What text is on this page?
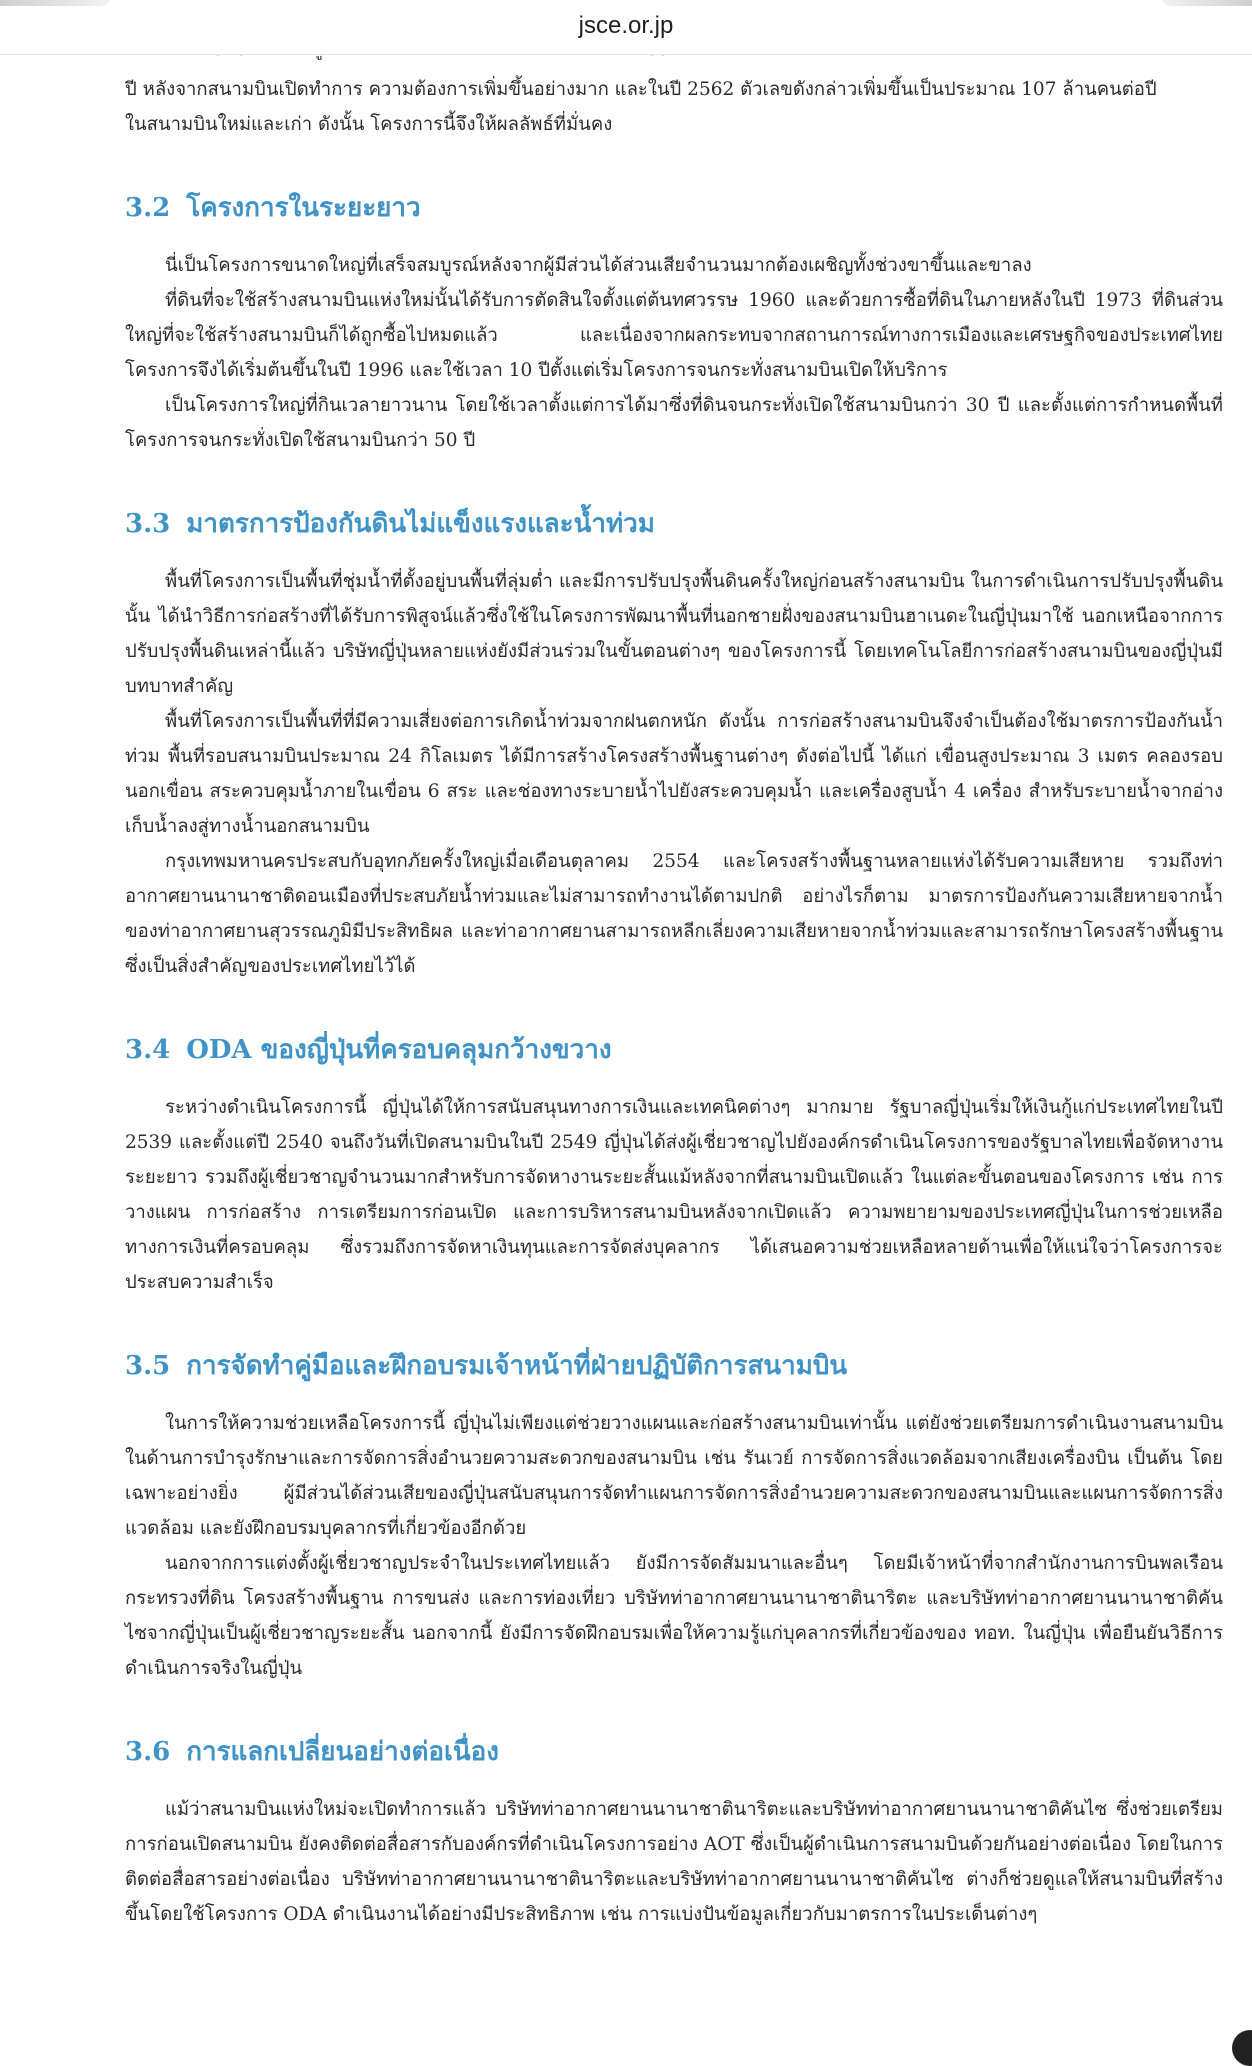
jsce.or.jp

ปี หลังจากสนามบินเปิดทำการ ความต้องการเพิ่มขึ้นอย่างมาก และในปี 2562 ตัวเลขดังกล่าวเพิ่มขึ้นเป็นประมาณ 107 ล้านคนต่อปี

ในสนามบินใหม่และเก่า ดังนั้น โครงการนี้จึงให้ผลลัพธ์ที่มั่นคง

3.2 โครงการในระยะยาว

นี่เป็นโครงการขนาดใหญ่ที่เสร็จสมบูรณ์หลังจากผู้มีส่วนได้ส่วนเสียจำนวนมากต้องเผชิญทั้งช่วงขาขึ้นและขาลง

ที่ดินที่จะใช้สร้างสนามบินแห่งใหม่นั้นได้รับการตัดสินใจตั้งแต่ต้นทศวรรษ 1960 และด้วยการซื้อที่ดินในภายหลังในปี 1973 ที่ดินส่วนใหญ่ที่จะใช้สร้างสนามบินก็ได้ถูกซื้อไปหมดแล้ว และเนื่องจากผลกระทบจากสถานการณ์ทางการเมืองและเศรษฐกิจของประเทศไทย โครงการจึงได้เริ่มต้นขึ้นในปี 1996 และใช้เวลา 10 ปีตั้งแต่เริ่มโครงการจนกระทั่งสนามบินเปิดให้บริการ

เป็นโครงการใหญ่ที่กินเวลายาวนาน โดยใช้เวลาตั้งแต่การได้มาซึ่งที่ดินจนกระทั่งเปิดใช้สนามบินกว่า 30 ปี และตั้งแต่การกำหนดพื้นที่โครงการจนกระทั่งเปิดใช้สนามบินกว่า 50 ปี

3.3 มาตรการป้องกันดินไม่แข็งแรงและน้ำท่วม

พื้นที่โครงการเป็นพื้นที่ชุ่มน้ำที่ตั้งอยู่บนพื้นที่ลุ่มต่ำ และมีการปรับปรุงพื้นดินครั้งใหญ่ก่อนสร้างสนามบิน ในการดำเนินการปรับปรุงพื้นดินนั้น ได้นำวิธีการก่อสร้างที่ได้รับการพิสูจน์แล้วซึ่งใช้ในโครงการพัฒนาพื้นที่นอกชายฝั่งของสนามบินฮาเนดะในญี่ปุ่นมาใช้ นอกเหนือจากการปรับปรุงพื้นดินเหล่านี้แล้ว บริษัทญี่ปุ่นหลายแห่งยังมีส่วนร่วมในขั้นตอนต่างๆ ของโครงการนี้ โดยเทคโนโลยีการก่อสร้างสนามบินของญี่ปุ่นมีบทบาทสำคัญ

พื้นที่โครงการเป็นพื้นที่ที่มีความเสี่ยงต่อการเกิดน้ำท่วมจากฝนตกหนัก ดังนั้น การก่อสร้างสนามบินจึงจำเป็นต้องใช้มาตรการป้องกันน้ำท่วม พื้นที่รอบสนามบินประมาณ 24 กิโลเมตร ได้มีการสร้างโครงสร้างพื้นฐานต่างๆ ดังต่อไปนี้ ได้แก่ เขื่อนสูงประมาณ 3 เมตร คลองรอบนอกเขื่อน สระควบคุมน้ำภายในเขื่อน 6 สระ และช่องทางระบายน้ำไปยังสระควบคุมน้ำ และเครื่องสูบน้ำ 4 เครื่อง สำหรับระบายน้ำจากอ่างเก็บน้ำลงสู่ทางน้ำนอกสนามบิน

กรุงเทพมหานครประสบกับอุทกภัยครั้งใหญ่เมื่อเดือนตุลาคม 2554 และโครงสร้างพื้นฐานหลายแห่งได้รับความเสียหาย รวมถึงท่าอากาศยานนานาชาติดอนเมืองที่ประสบภัยน้ำท่วมและไม่สามารถทำงานได้ตามปกติ อย่างไรก็ตาม มาตรการป้องกันความเสียหายจากน้ำของท่าอากาศยานสุวรรณภูมิมีประสิทธิผล และท่าอากาศยานสามารถหลีกเลี่ยงความเสียหายจากน้ำท่วมและสามารถรักษาโครงสร้างพื้นฐานซึ่งเป็นสิ่งสำคัญของประเทศไทยไว้ได้

3.4 ODA ของญี่ปุ่นที่ครอบคลุมกว้างขวาง

ระหว่างดำเนินโครงการนี้ ญี่ปุ่นได้ให้การสนับสนุนทางการเงินและเทคนิคต่างๆ มากมาย รัฐบาลญี่ปุ่นเริ่มให้เงินกู้แก่ประเทศไทยในปี 2539 และตั้งแต่ปี 2540 จนถึงวันที่เปิดสนามบินในปี 2549 ญี่ปุ่นได้ส่งผู้เชี่ยวชาญไปยังองค์กรดำเนินโครงการของรัฐบาลไทยเพื่อจัดหางานระยะยาว รวมถึงผู้เชี่ยวชาญจำนวนมากสำหรับการจัดหางานระยะสั้นแม้หลังจากที่สนามบินเปิดแล้ว ในแต่ละขั้นตอนของโครงการ เช่น การวางแผน การก่อสร้าง การเตรียมการก่อนเปิด และการบริหารสนามบินหลังจากเปิดแล้ว ความพยายามของประเทศญี่ปุ่นในการช่วยเหลือทางการเงินที่ครอบคลุม ซึ่งรวมถึงการจัดหาเงินทุนและการจัดส่งบุคลากร ได้เสนอความช่วยเหลือหลายด้านเพื่อให้แน่ใจว่าโครงการจะประสบความสำเร็จ

3.5 การจัดทำคู่มือและฝึกอบรมเจ้าหน้าที่ฝ่ายปฏิบัติการสนามบิน

ในการให้ความช่วยเหลือโครงการนี้ ญี่ปุ่นไม่เพียงแต่ช่วยวางแผนและก่อสร้างสนามบินเท่านั้น แต่ยังช่วยเตรียมการดำเนินงานสนามบินในด้านการบำรุงรักษาและการจัดการสิ่งอำนวยความสะดวกของสนามบิน เช่น รันเวย์ การจัดการสิ่งแวดล้อมจากเสียงเครื่องบิน เป็นต้น โดยเฉพาะอย่างยิ่ง ผู้มีส่วนได้ส่วนเสียของญี่ปุ่นสนับสนุนการจัดทำแผนการจัดการสิ่งอำนวยความสะดวกของสนามบินและแผนการจัดการสิ่งแวดล้อม และยังฝึกอบรมบุคลากรที่เกี่ยวข้องอีกด้วย

นอกจากการแต่งตั้งผู้เชี่ยวชาญประจำในประเทศไทยแล้ว ยังมีการจัดสัมมนาและอื่นๆ โดยมีเจ้าหน้าที่จากสำนักงานการบินพลเรือน กระทรวงที่ดิน โครงสร้างพื้นฐาน การขนส่ง และการท่องเที่ยว บริษัทท่าอากาศยานนานาชาตินาริตะ และบริษัทท่าอากาศยานนานาชาติคันไซจากญี่ปุ่นเป็นผู้เชี่ยวชาญระยะสั้น นอกจากนี้ ยังมีการจัดฝึกอบรมเพื่อให้ความรู้แก่บุคลากรที่เกี่ยวข้องของ ทอท. ในญี่ปุ่น เพื่อยืนยันวิธีการดำเนินการจริงในญี่ปุ่น

3.6 การแลกเปลี่ยนอย่างต่อเนื่อง

แม้ว่าสนามบินแห่งใหม่จะเปิดทำการแล้ว บริษัทท่าอากาศยานนานาชาตินาริตะและบริษัทท่าอากาศยานนานาชาติคันไซ ซึ่งช่วยเตรียมการก่อนเปิดสนามบิน ยังคงติดต่อสื่อสารกับองค์กรที่ดำเนินโครงการอย่าง AOT ซึ่งเป็นผู้ดำเนินการสนามบินด้วยกันอย่างต่อเนื่อง โดยในการติดต่อสื่อสารอย่างต่อเนื่อง บริษัทท่าอากาศยานนานาชาตินาริตะและบริษัทท่าอากาศยานนานาชาติคันไซ ต่างก็ช่วยดูแลให้สนามบินที่สร้างขึ้นโดยใช้โครงการ ODA ดำเนินงานได้อย่างมีประสิทธิภาพ เช่น การแบ่งปันข้อมูลเกี่ยวกับมาตรการในประเด็นต่างๆ
